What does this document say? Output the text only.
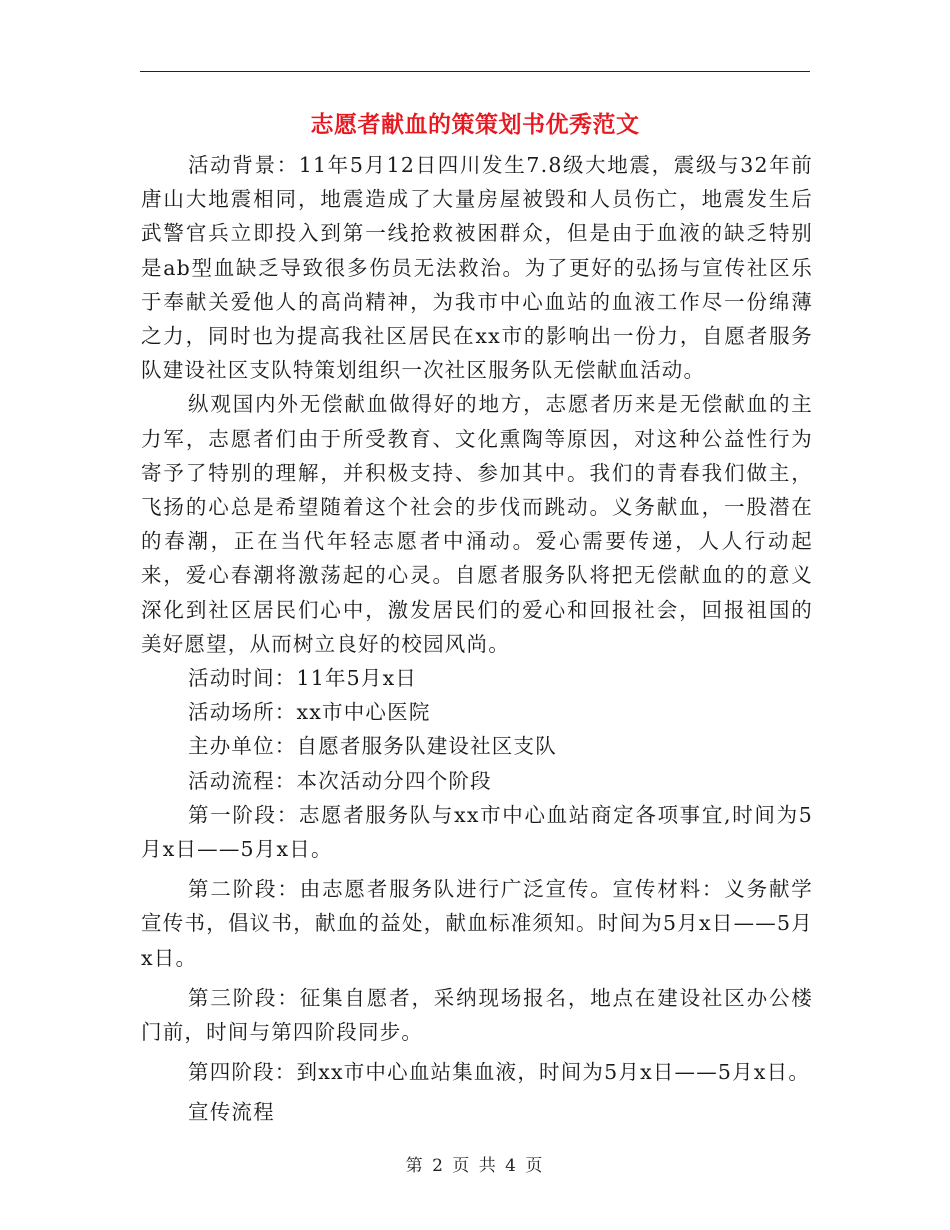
志愿者献血的策策划书优秀范文

活动背景：11年5月12日四川发生7.8级大地震，震级与32年前唐山大地震相同，地震造成了大量房屋被毁和人员伤亡，地震发生后武警官兵立即投入到第一线抢救被困群众，但是由于血液的缺乏特别是ab型血缺乏导致很多伤员无法救治。为了更好的弘扬与宣传社区乐于奉献关爱他人的高尚精神，为我市中心血站的血液工作尽一份绵薄之力，同时也为提高我社区居民在xx市的影响出一份力，自愿者服务队建设社区支队特策划组织一次社区服务队无偿献血活动。

纵观国内外无偿献血做得好的地方，志愿者历来是无偿献血的主力军，志愿者们由于所受教育、文化熏陶等原因，对这种公益性行为寄予了特别的理解，并积极支持、参加其中。我们的青春我们做主，飞扬的心总是希望随着这个社会的步伐而跳动。义务献血，一股潜在的春潮，正在当代年轻志愿者中涌动。爱心需要传递，人人行动起来，爱心春潮将激荡起的心灵。自愿者服务队将把无偿献血的的意义深化到社区居民们心中，激发居民们的爱心和回报社会，回报祖国的美好愿望，从而树立良好的校园风尚。

活动时间：11年5月x日

活动场所：xx市中心医院

主办单位：自愿者服务队建设社区支队

活动流程：本次活动分四个阶段

第一阶段：志愿者服务队与xx市中心血站商定各项事宜,时间为5月x日——5月x日。

第二阶段：由志愿者服务队进行广泛宣传。宣传材料：义务献学宣传书，倡议书，献血的益处，献血标准须知。时间为5月x日——5月x日。

第三阶段：征集自愿者，采纳现场报名，地点在建设社区办公楼门前，时间与第四阶段同步。

第四阶段：到xx市中心血站集血液，时间为5月x日——5月x日。

宣传流程

第 2 页 共 4 页
